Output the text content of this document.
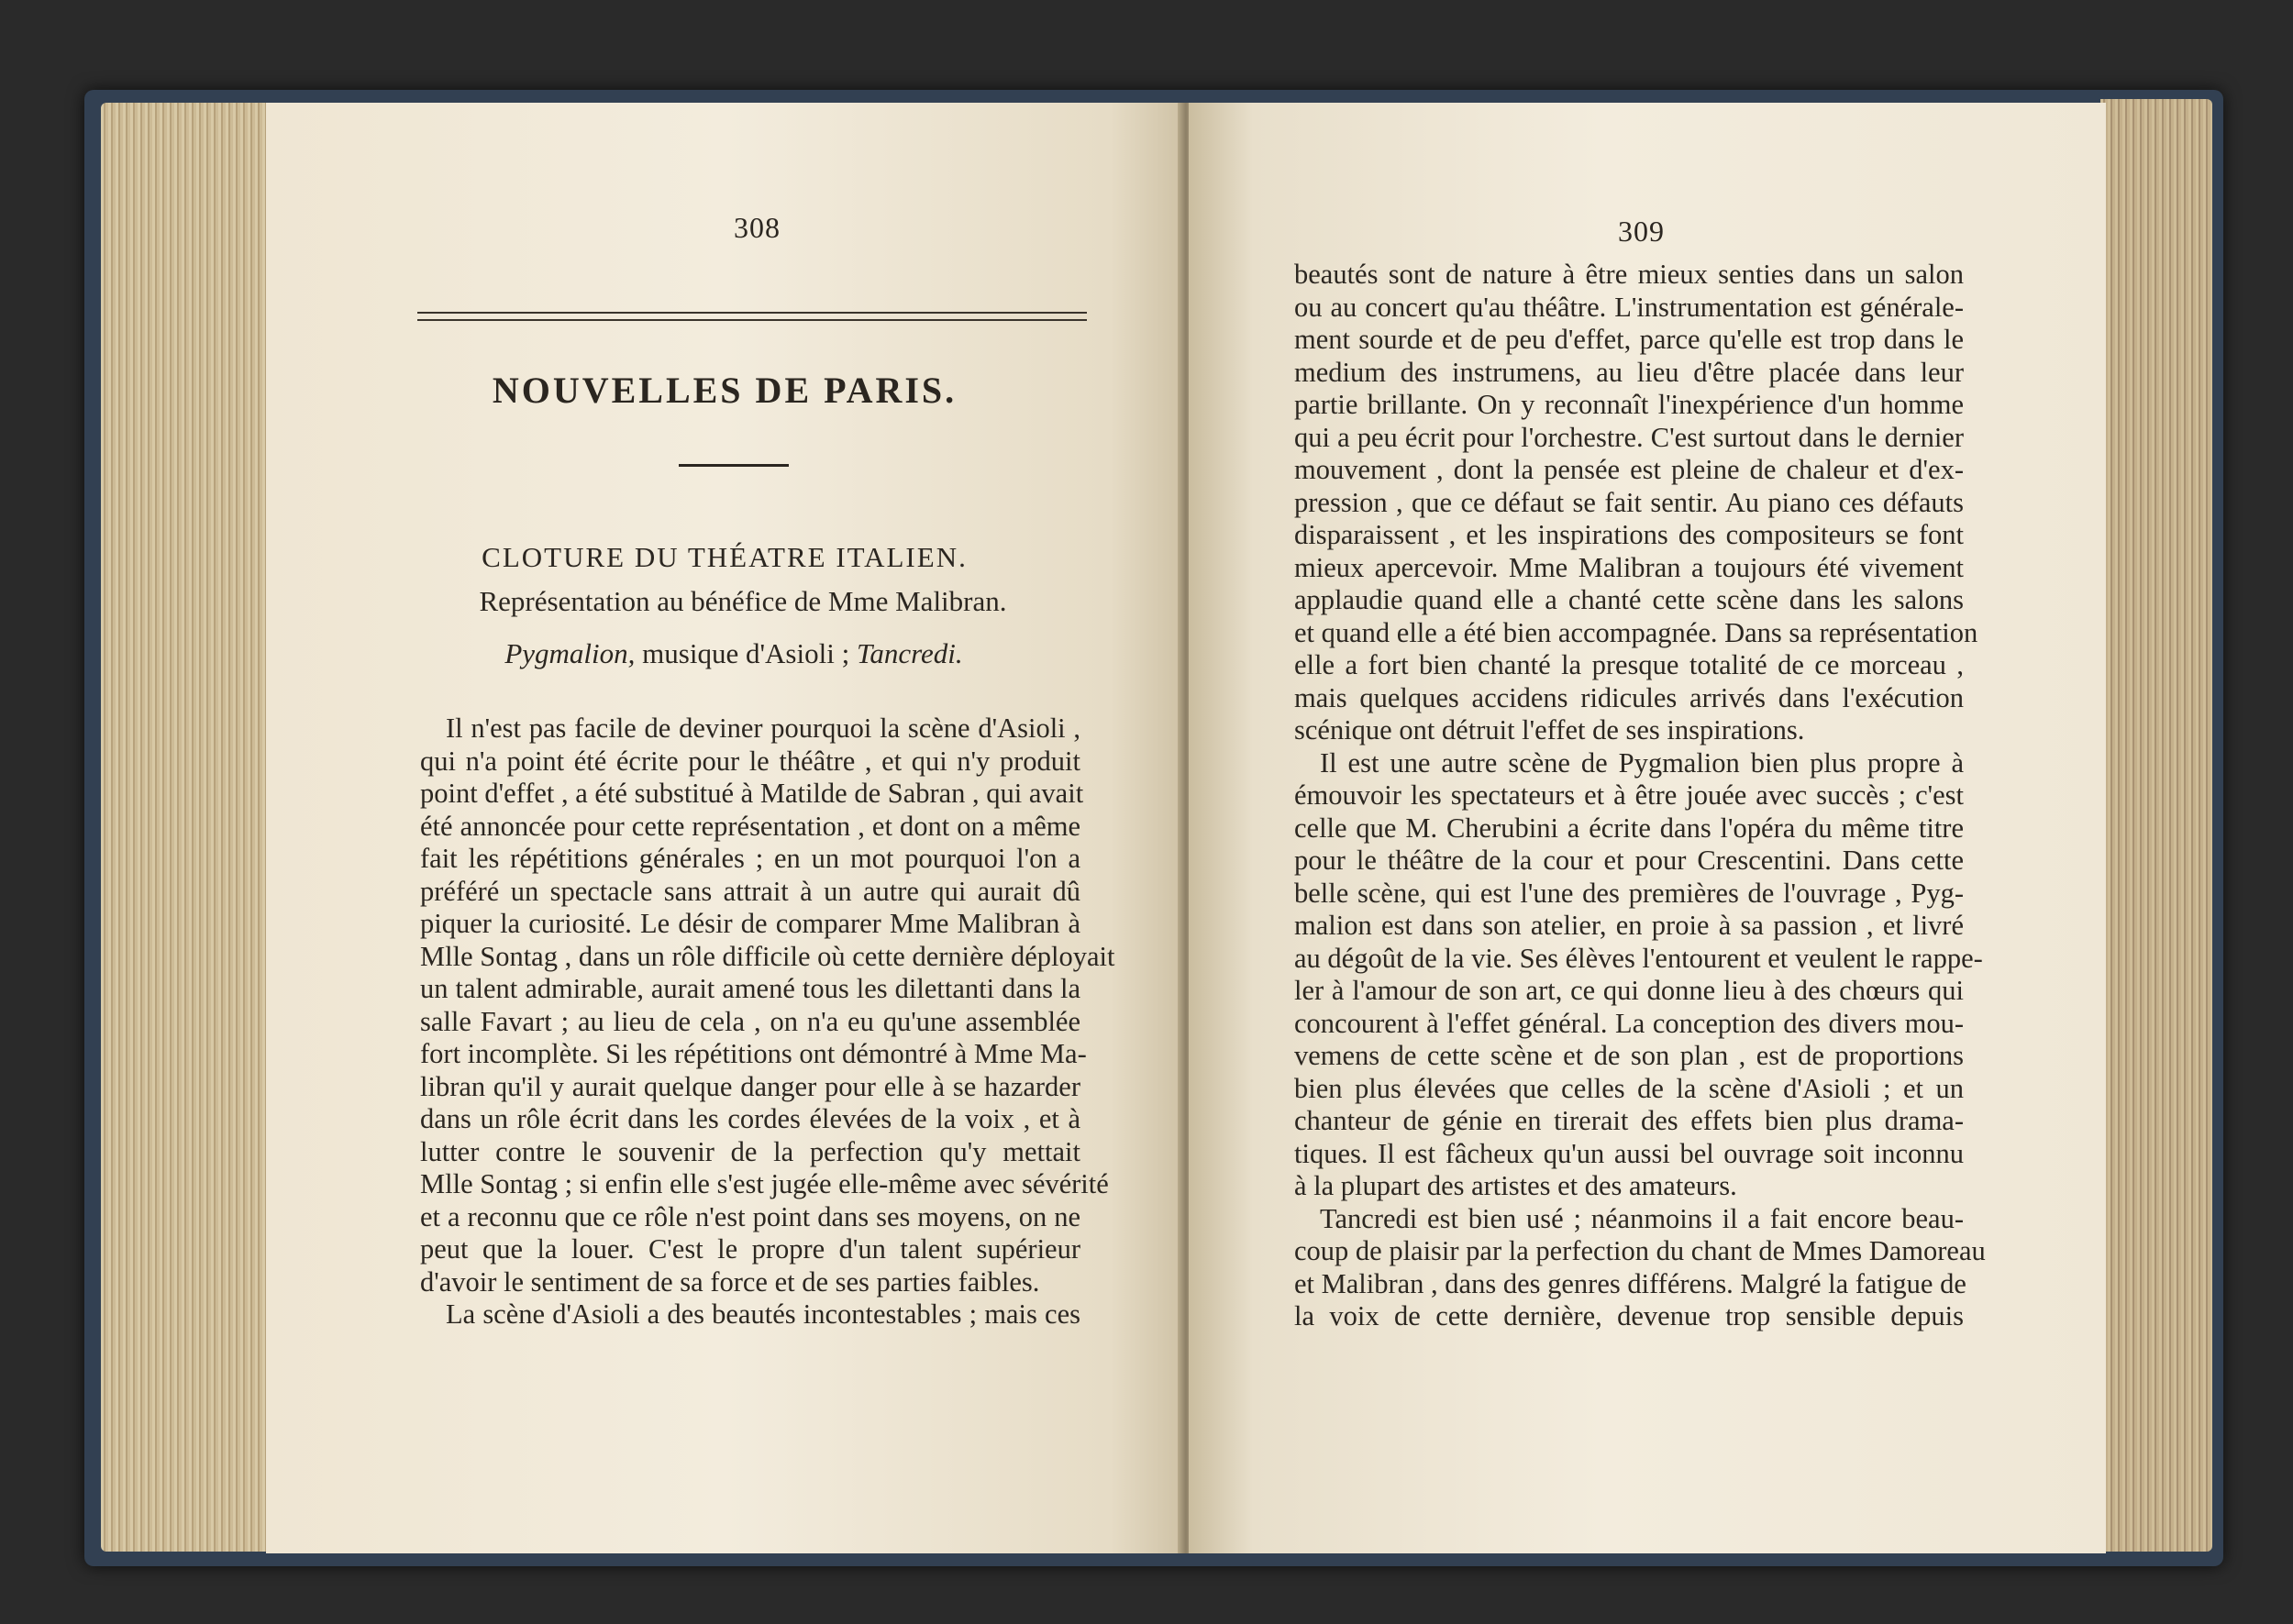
308
NOUVELLES DE PARIS.
CLOTURE DU THÉATRE ITALIEN.

Représentation au bénéfice de Mme Malibran.

Pygmalion, musique d'Asioli ; Tancredi.

Il n'est pas facile de deviner pourquoi la scène d'Asioli ,
qui n'a point été écrite pour le théâtre , et qui n'y produit
point d'effet , a été substitué à Matilde de Sabran , qui avait
été annoncée pour cette représentation , et dont on a même
fait les répétitions générales ; en un mot pourquoi l'on a
préféré un spectacle sans attrait à un autre qui aurait dû
piquer la curiosité. Le désir de comparer Mme Malibran à
Mlle Sontag , dans un rôle difficile où cette dernière déployait
un talent admirable, aurait amené tous les dilettanti dans la
salle Favart ; au lieu de cela , on n'a eu qu'une assemblée
fort incomplète. Si les répétitions ont démontré à Mme Ma-
libran qu'il y aurait quelque danger pour elle à se hazarder
dans un rôle écrit dans les cordes élevées de la voix , et à
lutter contre le souvenir de la perfection qu'y mettait
Mlle Sontag ; si enfin elle s'est jugée elle-même avec sévérité
et a reconnu que ce rôle n'est point dans ses moyens, on ne
peut que la louer. C'est le propre d'un talent supérieur
d'avoir le sentiment de sa force et de ses parties faibles.
La scène d'Asioli a des beautés incontestables ; mais ces
309
beautés sont de nature à être mieux senties dans un salon
ou au concert qu'au théâtre. L'instrumentation est générale-
ment sourde et de peu d'effet, parce qu'elle est trop dans le
medium des instrumens, au lieu d'être placée dans leur
partie brillante. On y reconnaît l'inexpérience d'un homme
qui a peu écrit pour l'orchestre. C'est surtout dans le dernier
mouvement , dont la pensée est pleine de chaleur et d'ex-
pression , que ce défaut se fait sentir. Au piano ces défauts
disparaissent , et les inspirations des compositeurs se font
mieux apercevoir. Mme Malibran a toujours été vivement
applaudie quand elle a chanté cette scène dans les salons
et quand elle a été bien accompagnée. Dans sa représentation
elle a fort bien chanté la presque totalité de ce morceau ,
mais quelques accidens ridicules arrivés dans l'exécution
scénique ont détruit l'effet de ses inspirations.
Il est une autre scène de Pygmalion bien plus propre à
émouvoir les spectateurs et à être jouée avec succès ; c'est
celle que M. Cherubini a écrite dans l'opéra du même titre
pour le théâtre de la cour et pour Crescentini. Dans cette
belle scène, qui est l'une des premières de l'ouvrage , Pyg-
malion est dans son atelier, en proie à sa passion , et livré
au dégoût de la vie. Ses élèves l'entourent et veulent le rappe-
ler à l'amour de son art, ce qui donne lieu à des chœurs qui
concourent à l'effet général. La conception des divers mou-
vemens de cette scène et de son plan , est de proportions
bien plus élevées que celles de la scène d'Asioli ; et un
chanteur de génie en tirerait des effets bien plus drama-
tiques. Il est fâcheux qu'un aussi bel ouvrage soit inconnu
à la plupart des artistes et des amateurs.
Tancredi est bien usé ; néanmoins il a fait encore beau-
coup de plaisir par la perfection du chant de Mmes Damoreau
et Malibran , dans des genres différens. Malgré la fatigue de
la voix de cette dernière, devenue trop sensible depuis
